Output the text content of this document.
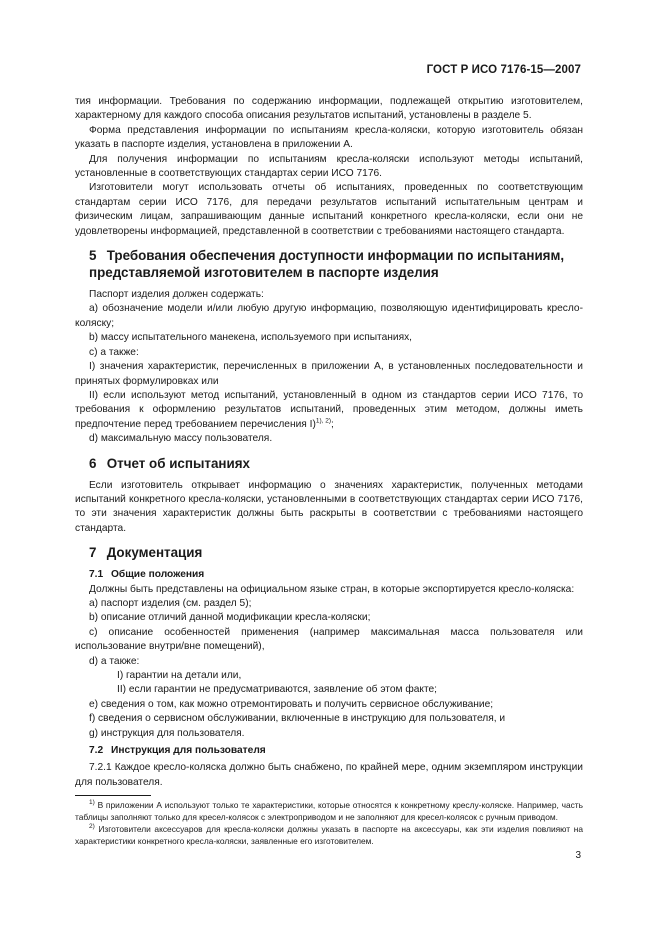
ГОСТ Р ИСО 7176-15—2007

тия информации. Требования по содержанию информации, подлежащей открытию изготовителем, характерному для каждого способа описания результатов испытаний, установлены в разделе 5.

Форма представления информации по испытаниям кресла-коляски, которую изготовитель обязан указать в паспорте изделия, установлена в приложении А.

Для получения информации по испытаниям кресла-коляски используют методы испытаний, установленные в соответствующих стандартах серии ИСО 7176.

Изготовители могут использовать отчеты об испытаниях, проведенных по соответствующим стандартам серии ИСО 7176, для передачи результатов испытаний испытательным центрам и физическим лицам, запрашивающим данные испытаний конкретного кресла-коляски, если они не удовлетворены информацией, представленной в соответствии с требованиями настоящего стандарта.

5 Требования обеспечения доступности информации по испытаниям,
представляемой изготовителем в паспорте изделия

Паспорт изделия должен содержать:

а) обозначение модели и/или любую другую информацию, позволяющую идентифицировать кресло-коляску;

b) массу испытательного манекена, используемого при испытаниях,

с) а также:

I) значения характеристик, перечисленных в приложении А, в установленных последовательности и принятых формулировках или

II) если используют метод испытаний, установленный в одном из стандартов серии ИСО 7176, то требования к оформлению результатов испытаний, проведенных этим методом, должны иметь предпочтение перед требованием перечисления I)$^{1), 2)}$;

d) максимальную массу пользователя.

6 Отчет об испытаниях

Если изготовитель открывает информацию о значениях характеристик, полученных методами испытаний конкретного кресла-коляски, установленными в соответствующих стандартах серии ИСО 7176, то эти значения характеристик должны быть раскрыты в соответствии с требованиями настоящего стандарта.

7 Документация
7.1 Общие положения

Должны быть представлены на официальном языке стран, в которые экспортируется кресло-коляска:

а) паспорт изделия (см. раздел 5);

b) описание отличий данной модификации кресла-коляски;

с) описание особенностей применения (например максимальная масса пользователя или использование внутри/вне помещений),

d) а также:

I) гарантии на детали или,

II) если гарантии не предусматриваются, заявление об этом факте;

е) сведения о том, как можно отремонтировать и получить сервисное обслуживание;

f) сведения о сервисном обслуживании, включенные в инструкцию для пользователя, и

g) инструкция для пользователя.

7.2 Инструкция для пользователя

7.2.1 Каждое кресло-коляска должно быть снабжено, по крайней мере, одним экземпляром инструкции для пользователя.

$^{1)}$ В приложении А используют только те характеристики, которые относятся к конкретному креслу-коляске. Например, часть таблицы заполняют только для кресел-колясок с электроприводом и не заполняют для кресел-колясок с ручным приводом.

$^{2)}$ Изготовители аксессуаров для кресла-коляски должны указать в паспорте на аксессуары, как эти изделия повлияют на характеристики конкретного кресла-коляски, заявленные его изготовителем.

3
